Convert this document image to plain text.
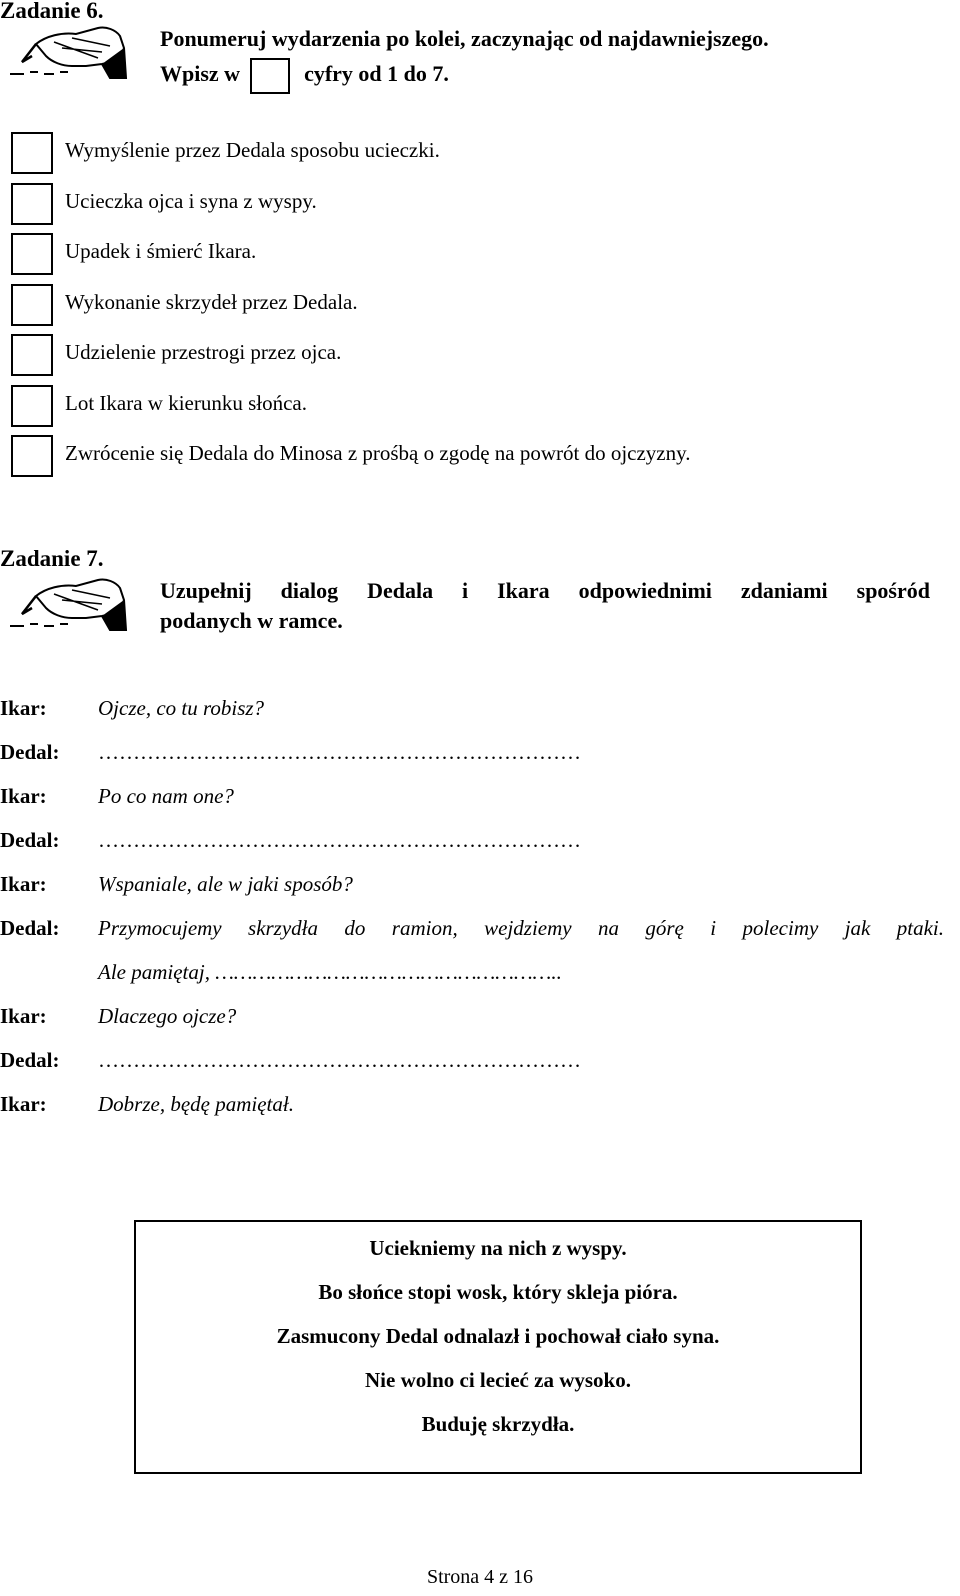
Zadanie 6.
Ponumeruj wydarzenia po kolei, zaczynając od najdawniejszego.
Wpisz w	cyfry od 1 do 7.
Wymyślenie przez Dedala sposobu ucieczki.
Ucieczka ojca i syna z wyspy.
Upadek i śmierć Ikara.
Wykonanie skrzydeł przez Dedala.
Udzielenie przestrogi przez ojca.
Lot Ikara w kierunku słońca.
Zwrócenie się Dedala do Minosa z prośbą o zgodę na powrót do ojczyzny.
Zadanie 7.
Uzupełnij dialog Dedala i Ikara odpowiednimi zdaniami spośród
podanych w ramce.
Ikar: Ojcze, co tu robisz?
Dedal: ……………………………………………………………
Ikar: Po co nam one?
Dedal: ……………………………………………………………
Ikar: Wspaniale, ale w jaki sposób?
Dedal: Przymocujemy skrzydła do ramion, wejdziemy na górę i polecimy jak ptaki.
Ale pamiętaj, ………………………………………………..
Ikar: Dlaczego ojcze?
Dedal: ……………………………………………………………
Ikar: Dobrze, będę pamiętał.
Uciekniemy na nich z wyspy.
Bo słońce stopi wosk, który skleja pióra.
Zasmucony Dedal odnalazł i pochował ciało syna.
Nie wolno ci lecieć za wysoko.
Buduję skrzydła.
Strona 4 z 16
